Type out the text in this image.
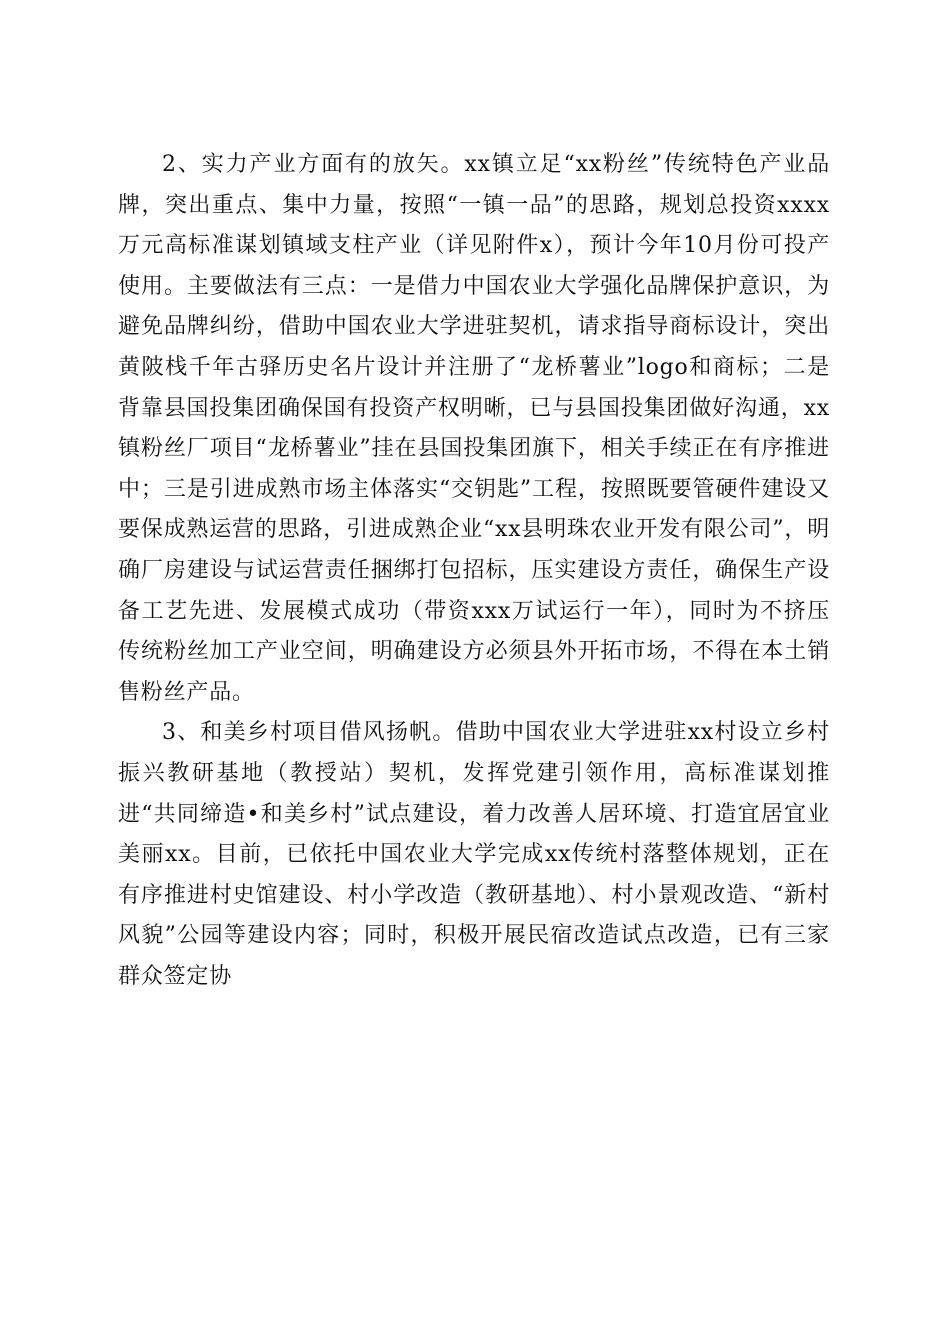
2、实力产业方面有的放矢。xx镇立足“xx粉丝”传统特色产业品牌，突出重点、集中力量，按照“一镇一品”的思路，规划总投资xxxx万元高标准谋划镇域支柱产业（详见附件x），预计今年10月份可投产使用。主要做法有三点：一是借力中国农业大学强化品牌保护意识，为避免品牌纠纷，借助中国农业大学进驻契机，请求指导商标设计，突出黄陂栈千年古驿历史名片设计并注册了“龙桥薯业”logo和商标；二是背靠县国投集团确保国有投资产权明晰，已与县国投集团做好沟通，xx镇粉丝厂项目“龙桥薯业”挂在县国投集团旗下，相关手续正在有序推进中；三是引进成熟市场主体落实“交钥匙”工程，按照既要管硬件建设又要保成熟运营的思路，引进成熟企业“xx县明珠农业开发有限公司”，明确厂房建设与试运营责任捆绑打包招标，压实建设方责任，确保生产设备工艺先进、发展模式成功（带资xxx万试运行一年），同时为不挤压传统粉丝加工产业空间，明确建设方必须县外开拓市场，不得在本土销售粉丝产品。

3、和美乡村项目借风扬帆。借助中国农业大学进驻xx村设立乡村振兴教研基地（教授站）契机，发挥党建引领作用，高标准谋划推进“共同缔造•和美乡村”试点建设，着力改善人居环境、打造宜居宜业美丽xx。目前，已依托中国农业大学完成xx传统村落整体规划，正在有序推进村史馆建设、村小学改造（教研基地）、村小景观改造、“新村风貌”公园等建设内容；同时，积极开展民宿改造试点改造，已有三家群众签定协
